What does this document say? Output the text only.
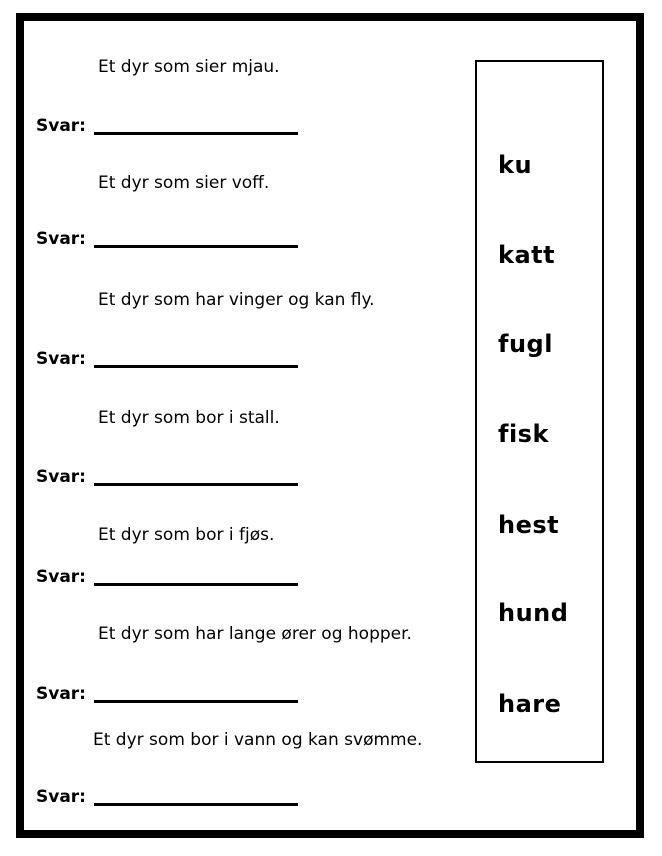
Et dyr som sier mjau.
Svar:
Et dyr som sier voff.
Svar:
Et dyr som har vinger og kan fly.
Svar:
Et dyr som bor i stall.
Svar:
Et dyr som bor i fjøs.
Svar:
Et dyr som har lange ører og hopper.
Svar:
Et dyr som bor i vann og kan svømme.
Svar:
ku
katt
fugl
fisk
hest
hund
hare
